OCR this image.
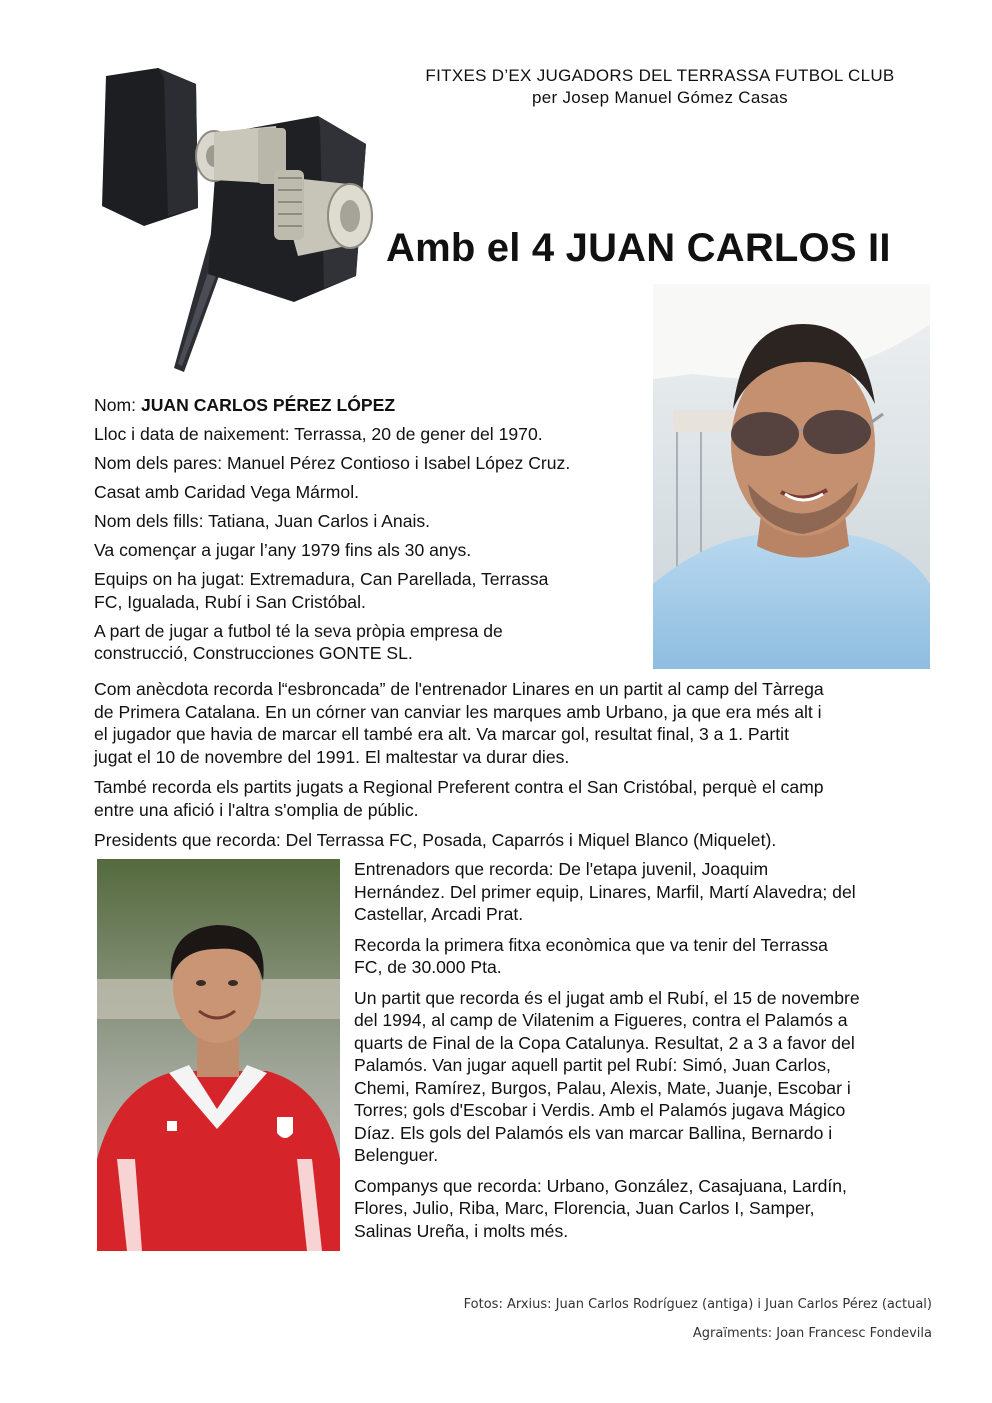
FITXES D’EX JUGADORS DEL TERRASSA FUTBOL CLUB
per Josep Manuel Gómez Casas
Amb el 4 JUAN CARLOS II

Nom: JUAN CARLOS PÉREZ LÓPEZ

Lloc i data de naixement: Terrassa, 20 de gener del 1970.

Nom dels pares: Manuel Pérez Contioso i Isabel López Cruz.

Casat amb Caridad Vega Mármol.

Nom dels fills: Tatiana, Juan Carlos i Anais.

Va començar a jugar l’any 1979 fins als 30 anys.

Equips on ha jugat: Extremadura, Can Parellada, Terrassa

FC, Igualada, Rubí i San Cristóbal.

A part de jugar a futbol té la seva pròpia empresa de

construcció, Construcciones GONTE SL.

Com anècdota recorda l“esbroncada” de l'entrenador Linares en un partit al camp del Tàrrega

de Primera Catalana. En un córner van canviar les marques amb Urbano, ja que era més alt i

el jugador que havia de marcar ell també era alt. Va marcar gol, resultat final, 3 a 1. Partit

jugat el 10 de novembre del 1991. El maltestar va durar dies.

També recorda els partits jugats a Regional Preferent contra el San Cristóbal, perquè el camp

entre una afició i l'altra s'omplia de públic.

Presidents que recorda: Del Terrassa FC, Posada, Caparrós i Miquel Blanco (Miquelet).

Entrenadors que recorda: De l'etapa juvenil, Joaquim

Hernández. Del primer equip, Linares, Marfil, Martí Alavedra; del

Castellar, Arcadi Prat.

Recorda la primera fitxa econòmica que va tenir del Terrassa

FC, de 30.000 Pta.

Un partit que recorda és el jugat amb el Rubí, el 15 de novembre

del 1994, al camp de Vilatenim a Figueres, contra el Palamós a

quarts de Final de la Copa Catalunya. Resultat, 2 a 3 a favor del

Palamós. Van jugar aquell partit pel Rubí: Simó, Juan Carlos,

Chemi, Ramírez, Burgos, Palau, Alexis, Mate, Juanje, Escobar i

Torres; gols d'Escobar i Verdis. Amb el Palamós jugava Mágico

Díaz. Els gols del Palamós els van marcar Ballina, Bernardo i

Belenguer.

Companys que recorda: Urbano, González, Casajuana, Lardín,

Flores, Julio, Riba, Marc, Florencia, Juan Carlos I, Samper,

Salinas Ureña, i molts més.

Fotos: Arxius: Juan Carlos Rodríguez (antiga) i Juan Carlos Pérez (actual)
Agraïments: Joan Francesc Fondevila
